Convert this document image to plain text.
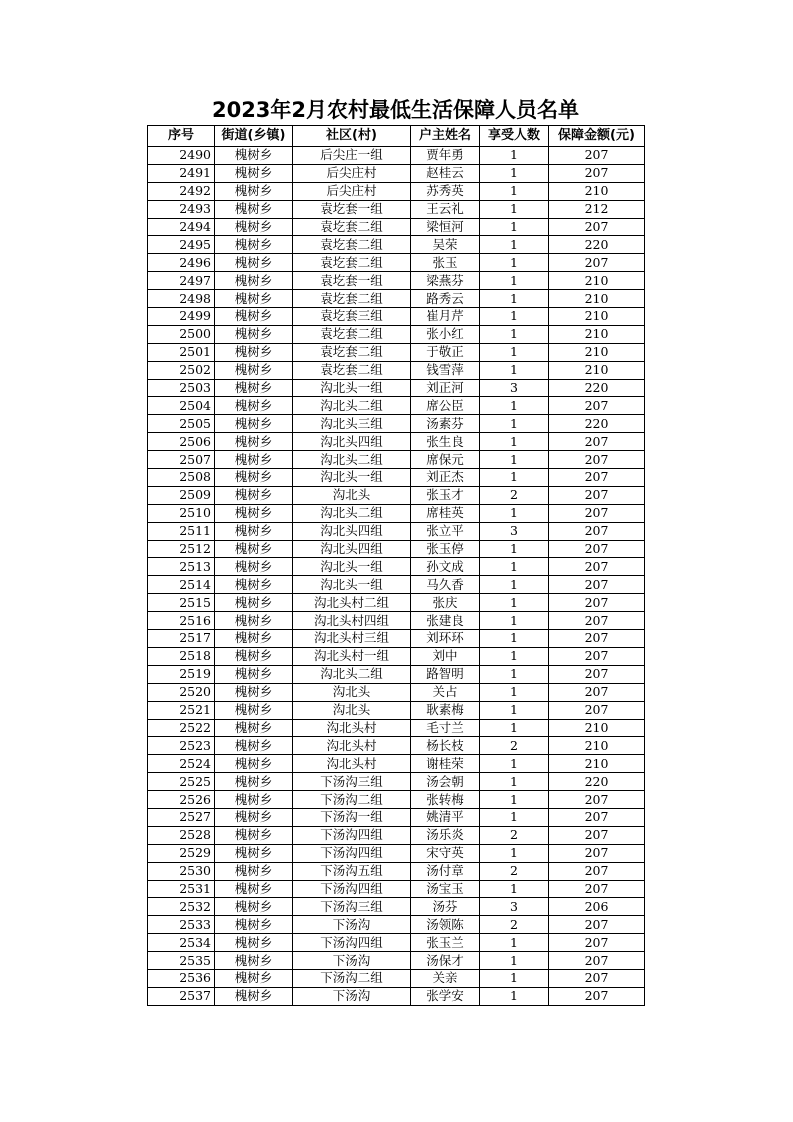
2023年2月农村最低生活保障人员名单
序号	街道(乡镇)	社区(村)	户主姓名	享受人数	保障金额(元)
2490	槐树乡	后尖庄一组	贾年勇	1	207
2491	槐树乡	后尖庄村	赵桂云	1	207
2492	槐树乡	后尖庄村	苏秀英	1	210
2493	槐树乡	袁圪套一组	王云礼	1	212
2494	槐树乡	袁圪套二组	梁恒河	1	207
2495	槐树乡	袁圪套二组	吴荣	1	220
2496	槐树乡	袁圪套二组	张玉	1	207
2497	槐树乡	袁圪套一组	梁燕芬	1	210
2498	槐树乡	袁圪套二组	路秀云	1	210
2499	槐树乡	袁圪套三组	崔月芹	1	210
2500	槐树乡	袁圪套二组	张小红	1	210
2501	槐树乡	袁圪套二组	于敬正	1	210
2502	槐树乡	袁圪套二组	钱雪萍	1	210
2503	槐树乡	沟北头一组	刘正河	3	220
2504	槐树乡	沟北头二组	席公臣	1	207
2505	槐树乡	沟北头三组	汤素芬	1	220
2506	槐树乡	沟北头四组	张生良	1	207
2507	槐树乡	沟北头二组	席保元	1	207
2508	槐树乡	沟北头一组	刘正杰	1	207
2509	槐树乡	沟北头	张玉才	2	207
2510	槐树乡	沟北头二组	席桂英	1	207
2511	槐树乡	沟北头四组	张立平	3	207
2512	槐树乡	沟北头四组	张玉停	1	207
2513	槐树乡	沟北头一组	孙文成	1	207
2514	槐树乡	沟北头一组	马久香	1	207
2515	槐树乡	沟北头村二组	张庆	1	207
2516	槐树乡	沟北头村四组	张建良	1	207
2517	槐树乡	沟北头村三组	刘环环	1	207
2518	槐树乡	沟北头村一组	刘中	1	207
2519	槐树乡	沟北头二组	路智明	1	207
2520	槐树乡	沟北头	关占	1	207
2521	槐树乡	沟北头	耿素梅	1	207
2522	槐树乡	沟北头村	毛寸兰	1	210
2523	槐树乡	沟北头村	杨长枝	2	210
2524	槐树乡	沟北头村	谢桂荣	1	210
2525	槐树乡	下汤沟三组	汤会朝	1	220
2526	槐树乡	下汤沟二组	张转梅	1	207
2527	槐树乡	下汤沟一组	姚清平	1	207
2528	槐树乡	下汤沟四组	汤乐炎	2	207
2529	槐树乡	下汤沟四组	宋守英	1	207
2530	槐树乡	下汤沟五组	汤付章	2	207
2531	槐树乡	下汤沟四组	汤宝玉	1	207
2532	槐树乡	下汤沟三组	汤芬	3	206
2533	槐树乡	下汤沟	汤领陈	2	207
2534	槐树乡	下汤沟四组	张玉兰	1	207
2535	槐树乡	下汤沟	汤保才	1	207
2536	槐树乡	下汤沟二组	关亲	1	207
2537	槐树乡	下汤沟	张学安	1	207
